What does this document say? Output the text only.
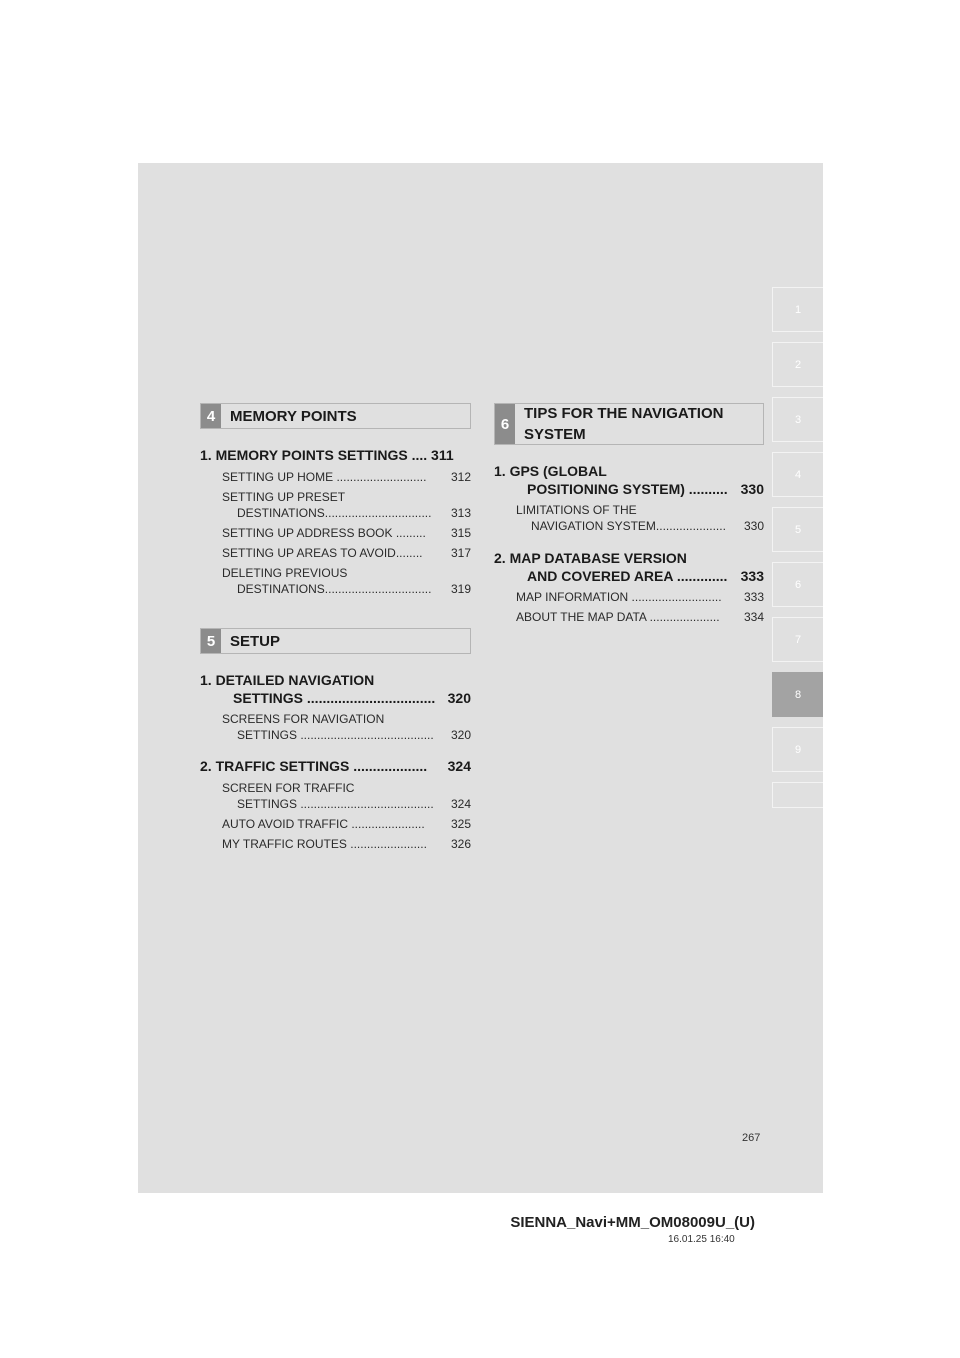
1
2
3
4
5
6
7
8
9
4 MEMORY POINTS
1. MEMORY POINTS SETTINGS .... 311
SETTING UP HOME ........................... 312
SETTING UP PRESET
DESTINATIONS................................ 313
SETTING UP ADDRESS BOOK ......... 315
SETTING UP AREAS TO AVOID........ 317
DELETING PREVIOUS
DESTINATIONS................................ 319
5 SETUP
1. DETAILED NAVIGATION
SETTINGS ................................. 320
SCREENS FOR NAVIGATION
SETTINGS ........................................ 320
2. TRAFFIC SETTINGS ................... 324
SCREEN FOR TRAFFIC
SETTINGS ........................................ 324
AUTO AVOID TRAFFIC ...................... 325
MY TRAFFIC ROUTES ....................... 326
6
TIPS FOR THE NAVIGATION
SYSTEM
1. GPS (GLOBAL
POSITIONING SYSTEM) .......... 330
LIMITATIONS OF THE
NAVIGATION SYSTEM..................... 330
2. MAP DATABASE VERSION
AND COVERED AREA ............. 333
MAP INFORMATION ........................... 333
ABOUT THE MAP DATA ..................... 334
267
SIENNA_Navi+MM_OM08009U_(U)
16.01.25 16:40
